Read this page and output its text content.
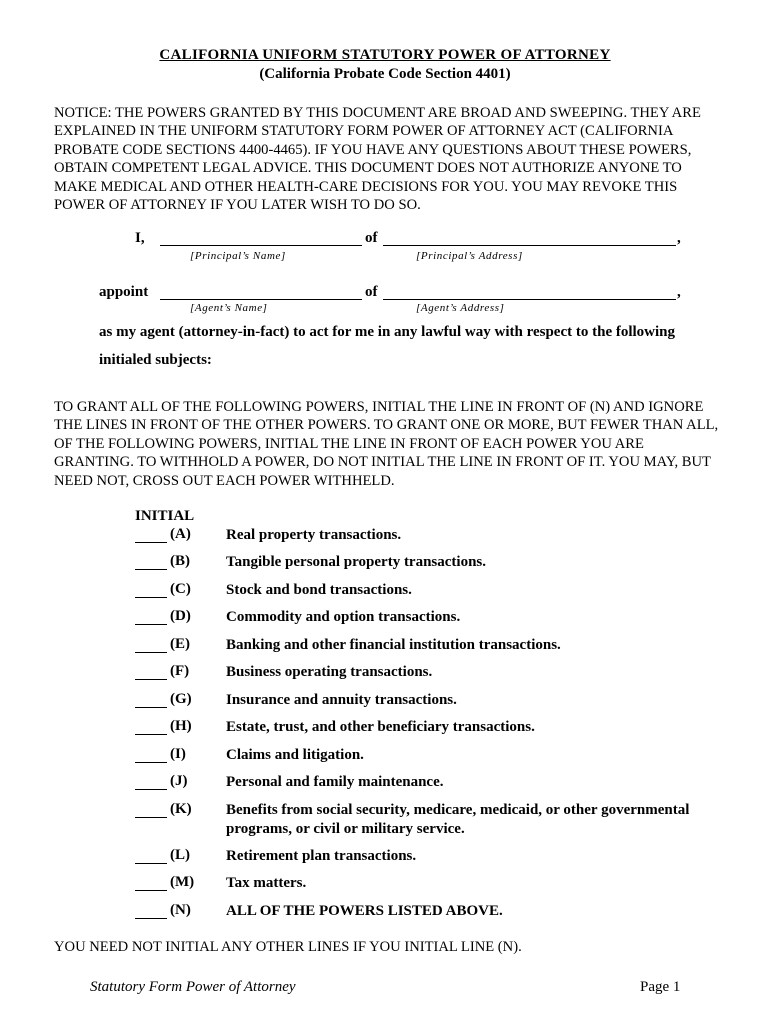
CALIFORNIA UNIFORM STATUTORY POWER OF ATTORNEY
(California Probate Code Section 4401)
NOTICE: THE POWERS GRANTED BY THIS DOCUMENT ARE BROAD AND SWEEPING. THEY ARE EXPLAINED IN THE UNIFORM STATUTORY FORM POWER OF ATTORNEY ACT (CALIFORNIA PROBATE CODE SECTIONS 4400-4465). IF YOU HAVE ANY QUESTIONS ABOUT THESE POWERS, OBTAIN COMPETENT LEGAL ADVICE. THIS DOCUMENT DOES NOT AUTHORIZE ANYONE TO MAKE MEDICAL AND OTHER HEALTH-CARE DECISIONS FOR YOU. YOU MAY REVOKE THIS POWER OF ATTORNEY IF YOU LATER WISH TO DO SO.
I,	of	,
[Principal’s Name]	[Principal’s Address]
appoint	of	,
[Agent’s Name]	[Agent’s Address]
as my agent (attorney-in-fact) to act for me in any lawful way with respect to the following
initialed subjects:
TO GRANT ALL OF THE FOLLOWING POWERS, INITIAL THE LINE IN FRONT OF (N) AND IGNORE THE LINES IN FRONT OF THE OTHER POWERS. TO GRANT ONE OR MORE, BUT FEWER THAN ALL, OF THE FOLLOWING POWERS, INITIAL THE LINE IN FRONT OF EACH POWER YOU ARE GRANTING. TO WITHHOLD A POWER, DO NOT INITIAL THE LINE IN FRONT OF IT. YOU MAY, BUT NEED NOT, CROSS OUT EACH POWER WITHHELD.
INITIAL
(A) Real property transactions.
(B) Tangible personal property transactions.
(C) Stock and bond transactions.
(D) Commodity and option transactions.
(E) Banking and other financial institution transactions.
(F) Business operating transactions.
(G) Insurance and annuity transactions.
(H) Estate, trust, and other beneficiary transactions.
(I)	Claims and litigation.
(J)	Personal and family maintenance.
(K) Benefits from social security, medicare, medicaid, or other governmental programs, or civil or military service.
(L) Retirement plan transactions.
(M) Tax matters.
(N) ALL OF THE POWERS LISTED ABOVE.
YOU NEED NOT INITIAL ANY OTHER LINES IF YOU INITIAL LINE (N).
Statutory Form Power of Attorney	Page 1
